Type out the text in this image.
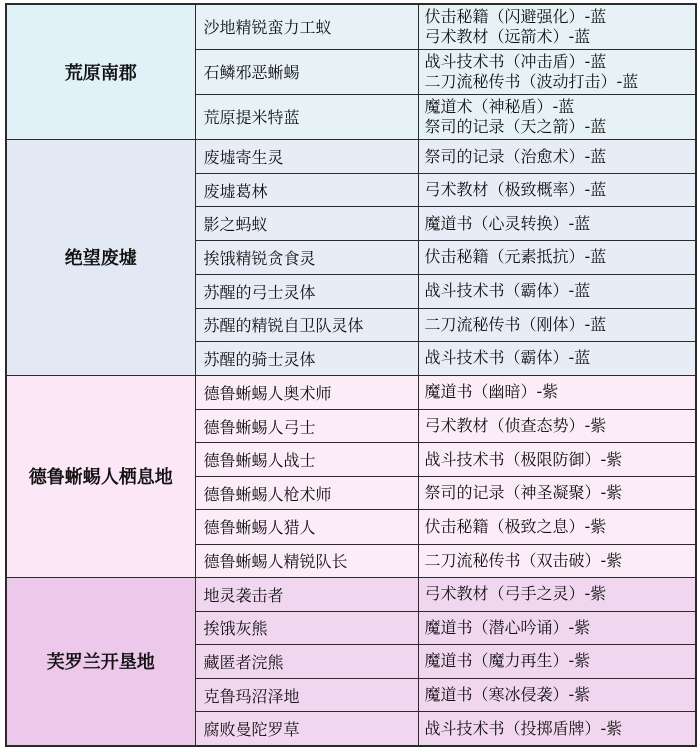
荒原南郡	沙地精锐蛮力工蚁	伏击秘籍（闪避强化）-蓝
弓术教材（远箭术）-蓝

	石鳞邪恶蜥蜴	战斗技术书（冲击盾）-蓝
二刀流秘传书（波动打击）-蓝

	荒原提米特蓝	魔道术（神秘盾）-蓝
祭司的记录（天之箭）-蓝

绝望废墟	废墟寄生灵	祭司的记录（治愈术）-蓝

	废墟葛林	弓术教材（极致概率）-蓝

	影之蚂蚁	魔道书（心灵转换）-蓝

	挨饿精锐贪食灵	伏击秘籍（元素抵抗）-蓝

	苏醒的弓士灵体	战斗技术书（霸体）-蓝

	苏醒的精锐自卫队灵体	二刀流秘传书（刚体）-蓝

	苏醒的骑士灵体	战斗技术书（霸体）-蓝

德鲁蜥蜴人栖息地	德鲁蜥蜴人奥术师	魔道书（幽暗）-紫

	德鲁蜥蜴人弓士	弓术教材（侦查态势）-紫

	德鲁蜥蜴人战士	战斗技术书（极限防御）-紫

	德鲁蜥蜴人枪术师	祭司的记录（神圣凝聚）-紫

	德鲁蜥蜴人猎人	伏击秘籍（极致之息）-紫

	德鲁蜥蜴人精锐队长	二刀流秘传书（双击破）-紫

芙罗兰开垦地	地灵袭击者	弓术教材（弓手之灵）-紫

	挨饿灰熊	魔道书（潜心吟诵）-紫

	藏匿者浣熊	魔道书（魔力再生）-紫

	克鲁玛沼泽地	魔道书（寒冰侵袭）-紫

	腐败曼陀罗草	战斗技术书（投掷盾牌）-紫
